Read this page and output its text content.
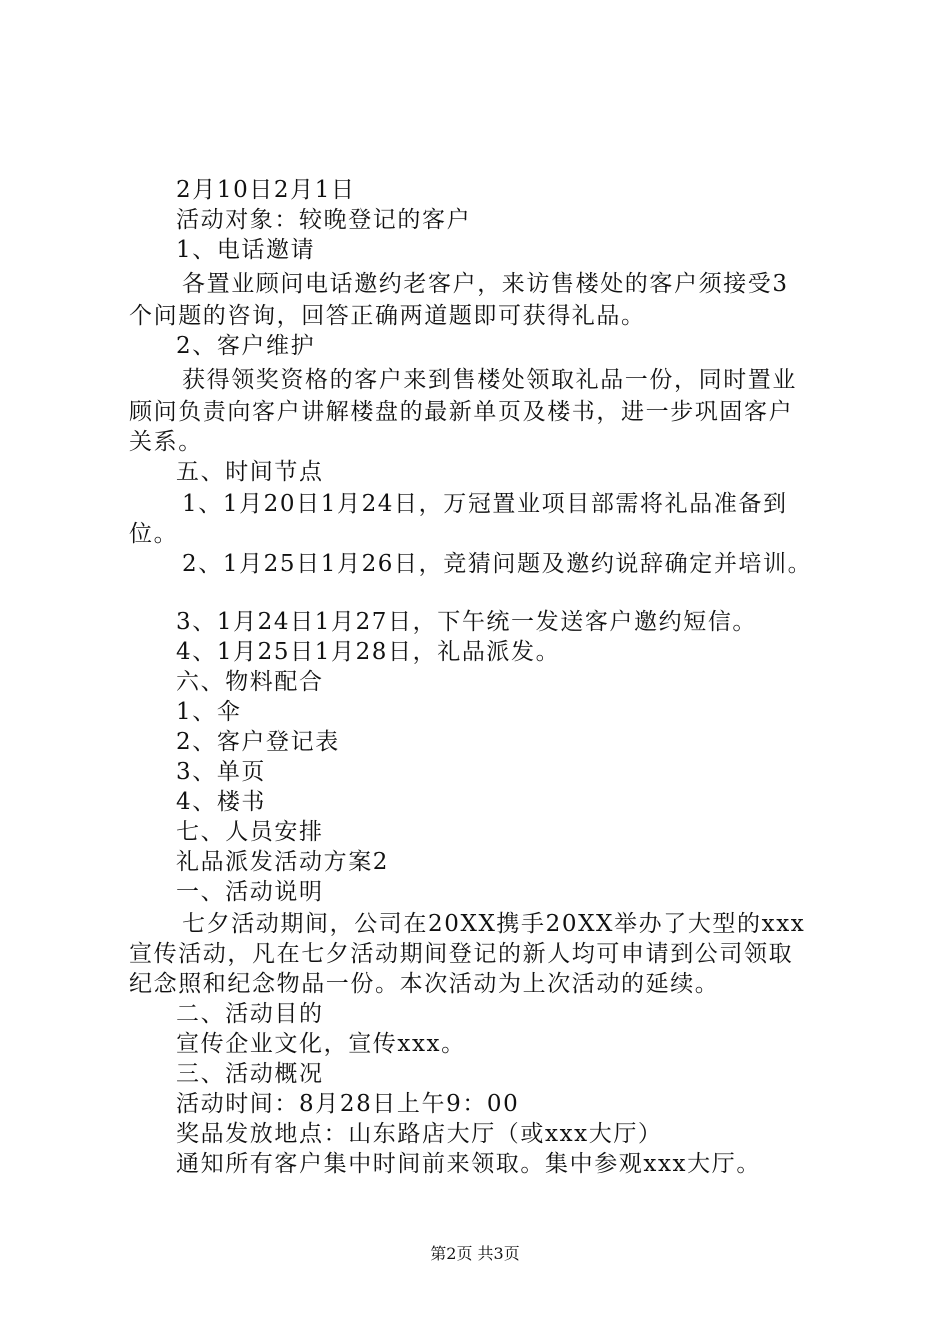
2月10日2月1日
活动对象：较晚登记的客户
1、电话邀请
各置业顾问电话邀约老客户，来访售楼处的客户须接受3
个问题的咨询，回答正确两道题即可获得礼品。
2、客户维护
获得领奖资格的客户来到售楼处领取礼品一份，同时置业
顾问负责向客户讲解楼盘的最新单页及楼书，进一步巩固客户
关系。
五、时间节点
1、1月20日1月24日，万冠置业项目部需将礼品准备到
位。
2、1月25日1月26日，竞猜问题及邀约说辞确定并培训。
3、1月24日1月27日，下午统一发送客户邀约短信。
4、1月25日1月28日，礼品派发。
六、物料配合
1、伞
2、客户登记表
3、单页
4、楼书
七、人员安排
礼品派发活动方案2
一、活动说明
七夕活动期间，公司在20XX携手20XX举办了大型的xxx
宣传活动，凡在七夕活动期间登记的新人均可申请到公司领取
纪念照和纪念物品一份。本次活动为上次活动的延续。
二、活动目的
宣传企业文化，宣传xxx。
三、活动概况
活动时间：8月28日上午9：00
奖品发放地点：山东路店大厅（或xxx大厅）
通知所有客户集中时间前来领取。集中参观xxx大厅。
第2页 共3页
